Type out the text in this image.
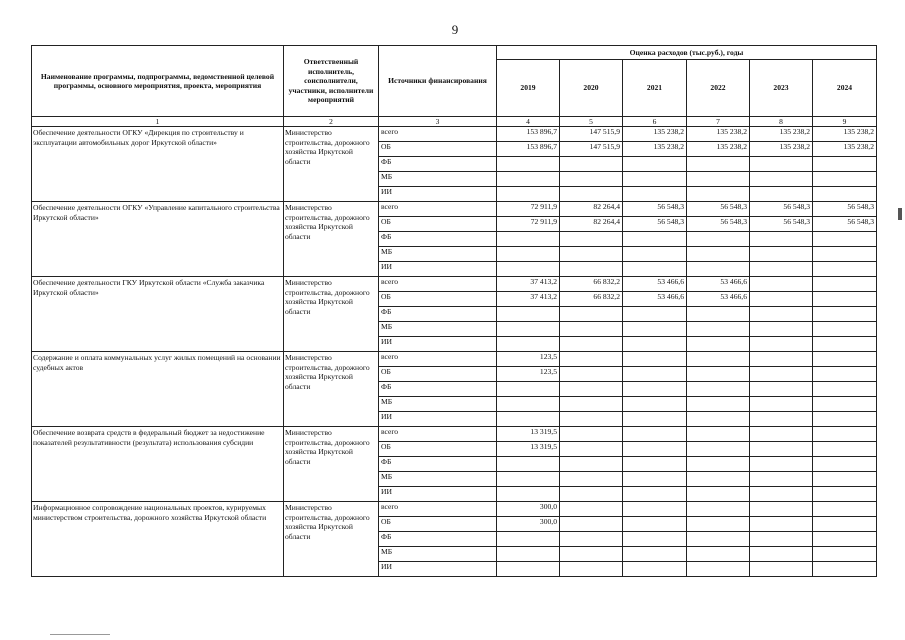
9
Наименование программы, подпрограммы, ведомственной целевой программы, основного мероприятия, проекта, мероприятия	Ответственный исполнитель, соисполнители, участники, исполнители мероприятий	Источники финансирования	Оценка расходов (тыс.руб.), годы					
			2019	2020	2021	2022	2023	2024
1	2	3	4	5	6	7	8	9
Обеспечение деятельности ОГКУ «Дирекция по строительству и эксплуатации автомобильных дорог Иркутской области»	Министерство строительства, дорожного хозяйства Иркутской области	всего	153 896,7	147 515,9	135 238,2	135 238,2	135 238,2	135 238,2
		ОБ	153 896,7	147 515,9	135 238,2	135 238,2	135 238,2	135 238,2
		ФБ						
		МБ						
		ИИ						
Обеспечение деятельности ОГКУ «Управление капитального строительства Иркутской области»	Министерство строительства, дорожного хозяйства Иркутской области	всего	72 911,9	82 264,4	56 548,3	56 548,3	56 548,3	56 548,3
		ОБ	72 911,9	82 264,4	56 548,3	56 548,3	56 548,3	56 548,3
		ФБ						
		МБ						
		ИИ						
Обеспечение деятельности ГКУ Иркутской области «Служба заказчика Иркутской области»	Министерство строительства, дорожного хозяйства Иркутской области	всего	37 413,2	66 832,2	53 466,6	53 466,6		
		ОБ	37 413,2	66 832,2	53 466,6	53 466,6		
		ФБ						
		МБ						
		ИИ						
Содержание и оплата коммунальных услуг жилых помещений на основании судебных актов	Министерство строительства, дорожного хозяйства Иркутской области	всего	123,5					
		ОБ	123,5					
		ФБ						
		МБ						
		ИИ						
Обеспечение возврата средств в федеральный бюджет за недостижение показателей результативности (результата) использования субсидии	Министерство строительства, дорожного хозяйства Иркутской области	всего	13 319,5					
		ОБ	13 319,5					
		ФБ						
		МБ						
		ИИ						
Информационное сопровождение национальных проектов, курируемых министерством строительства, дорожного хозяйства Иркутской области	Министерство строительства, дорожного хозяйства Иркутской области	всего	300,0					
		ОБ	300,0					
		ФБ						
		МБ						
		ИИ						
